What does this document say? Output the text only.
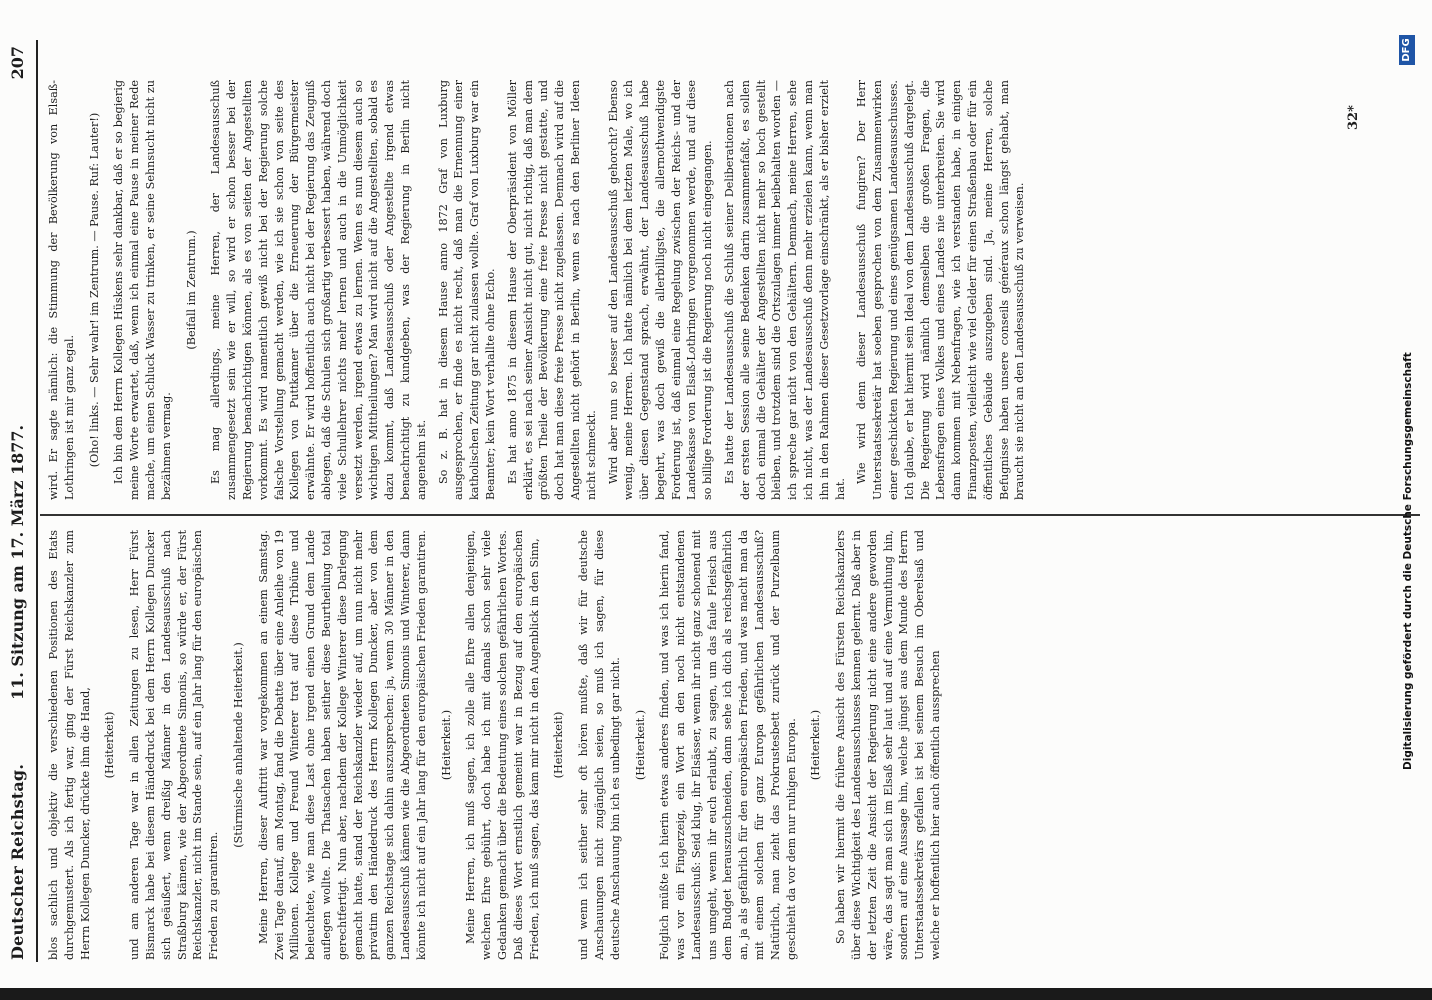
Deutscher Reichstag.
11. Sitzung am 17. März 1877.
207

blos sachlich und objektiv die verschiedenen Positionen des Etats durchgemustert. Als ich fertig war, ging der Fürst Reichskanzler zum Herrn Kollegen Duncker, drückte ihm die Hand, (Heiterkeit) und am anderen Tage war in allen Zeitungen zu lesen, Herr Fürst Bismarck habe bei diesem Händedruck bei dem Herrn Kollegen Duncker sich geäußert, wenn dreißig Männer in den Landesausschuß nach Straßburg kämen, wie der Abgeordnete Simonis, so würde er, der Fürst Reichskanzler, nicht im Stande sein, auf ein Jahr lang für den europäischen Frieden zu garantiren.

(Stürmische anhaltende Heiterkeit.) Meine Herren, dieser Auftritt war vorgekommen an einem Samstag. Zwei Tage darauf, am Montag, fand die Debatte über eine Anleihe von 19 Millionen. Kollege und Freund Winterer trat auf diese Tribüne und beleuchtete, wie man diese Last ohne irgend einen Grund dem Lande auflegen wollte. Die Thatsachen haben seither diese Beurtheilung total gerechtfertigt. Nun aber, nachdem der Kollege Winterer diese Darlegung gemacht hatte, stand der Reichskanzler wieder auf, um nun nicht mehr privatim den Händedruck des Herrn Kollegen Duncker, aber von dem ganzen Reichstage sich dahin auszusprechen: ja, wenn 30 Männer in den Landesausschuß kämen wie die Abgeordneten Simonis und Winterer, dann könnte ich nicht auf ein Jahr lang für den europäischen Frieden garantiren. (Heiterkeit.) Meine Herren, ich muß sagen, ich zolle alle Ehre allen denjenigen, welchen Ehre gebührt, doch habe ich mit damals schon sehr viele Gedanken gemacht über die Bedeutung eines solchen gefährlichen Wortes. Daß dieses Wort ernstlich gemeint war in Bezug auf den europäischen Frieden, ich muß sagen, das kam mir nicht in den Augenblick in den Sinn, (Heiterkeit) und wenn ich seither sehr oft hören mußte, daß wir für deutsche Anschauungen nicht zugänglich seien, so muß ich sagen, für diese deutsche Anschauung bin ich es unbedingt gar nicht. (Heiterkeit.) Folglich müßte ich hierin etwas anderes finden, und was ich hierin fand, was vor ein Fingerzeig, ein Wort an den noch nicht entstandenen Landesausschuß: Seid klug, ihr Elsässer, wenn ihr nicht ganz schonend mit uns umgeht, wenn ihr euch erlaubt, zu sagen, um das faule Fleisch aus dem Budget herauszuschneiden, dann sehe ich dich als reichsgefährlich an, ja als gefährlich für den europäischen Frieden, und was macht man da mit einem solchen für ganz Europa gefährlichen Landesausschuß? Natürlich, man zieht das Prokrustesbett zurück und der Purzelbaum geschieht da vor dem nur ruhigen Europa. (Heiterkeit.) So haben wir hiermit die frühere Ansicht des Fürsten Reichskanzlers über diese Wichtigkeit des Landesausschusses kennen gelernt. Daß aber in der letzten Zeit die Ansicht der Regierung nicht eine andere geworden wäre, das sagt man sich im Elsaß sehr laut und auf eine Vermuthung hin, sondern auf eine Aussage hin, welche jüngst aus dem Munde des Herrn Unterstaatssekretärs gefallen ist bei seinem Besuch im Oberelsaß und welche er hoffentlich hier auch öffentlich aussprechen

wird. Er sagte nämlich: die Stimmung der Bevölkerung von Elsaß-Lothringen ist mir ganz egal. (Oho! links. — Sehr wahr! im Zentrum. — Pause. Ruf: Lauter!) Ich bin dem Herrn Kollegen Hüskens sehr dankbar, daß er so begierig meine Worte erwartet, daß, wenn ich einmal eine Pause in meiner Rede mache, um einen Schluck Wasser zu trinken, er seine Sehnsucht nicht zu bezähmen vermag.

(Beifall im Zentrum.) Es mag allerdings, meine Herren, der Landesausschuß zusammengesetzt sein wie er will, so wird er schon besser bei der Regierung benachrichtigen können, als es von seiten der Angestellten vorkommt. Es wird namentlich gewiß nicht bei der Regierung solche falsche Vorstellung gemacht werden, wie ich sie schon von seite des Kollegen von Puttkamer über die Erneuerung der Bürgermeister erwähnte. Er wird hoffentlich auch nicht bei der Regierung das Zeugniß ablegen, daß die Schulen sich großartig verbessert haben, während doch viele Schullehrer nichts mehr lernen und auch in die Unmöglichkeit versetzt werden, irgend etwas zu lernen. Wenn es nun diesem auch so wichtigen Mittheilungen? Man wird nicht auf die Angestellten, sobald es dazu kommt, daß Landesausschuß oder Angestellte irgend etwas benachrichtigt zu kundgeben, was der Regierung in Berlin nicht angenehm ist. So z. B. hat in diesem Hause anno 1872 Graf von Luxburg ausgesprochen, er finde es nicht recht, daß man die Ernennung einer katholischen Zeitung gar nicht zulassen wollte. Graf von Luxburg war ein Beamter; kein Wort verhallte ohne Echo. Es hat anno 1875 in diesem Hause der Oberpräsident von Möller erklärt, es sei nach seiner Ansicht nicht gut, nicht richtig, daß man dem größten Theile der Bevölkerung eine freie Presse nicht gestatte, und doch hat man diese freie Presse nicht zugelassen. Demnach wird auf die Angestellten nicht gehört in Berlin, wenn es nach den Berliner Ideen nicht schmeckt. Wird aber nun so besser auf den Landesausschuß gehorcht? Ebenso wenig, meine Herren. Ich hatte nämlich bei dem letzten Male, wo ich über diesen Gegenstand sprach, erwähnt, der Landesausschuß habe begehrt, was doch gewiß die allerbilligste, die allernothwendigste Forderung ist, daß einmal eine Regelung zwischen der Reichs- und der Landeskasse von Elsaß-Lothringen vorgenommen werde, und auf diese so billige Forderung ist die Regierung noch nicht eingegangen. Es hatte der Landesausschuß die Schluß seiner Deliberationen nach der ersten Session alle seine Bedenken darin zusammenfaßt, es sollen doch einmal die Gehälter der Angestellten nicht mehr so hoch gestellt bleiben, und trotzdem sind die Ortszulagen immer beibehalten worden — ich spreche gar nicht von den Gehältern. Demnach, meine Herren, sehe ich nicht, was der Landesausschuß denn mehr erzielen kann, wenn man ihn in den Rahmen dieser Gesetzvorlage einschränkt, als er bisher erzielt hat.

Wie wird denn dieser Landesausschuß fungiren? Der Herr Unterstaatssekretär hat soeben gesprochen von dem Zusammenwirken einer geschickten Regierung und eines genügsamen Landesausschusses. Ich glaube, er hat hiermit sein Ideal von dem Landesausschuß dargelegt. Die Regierung wird nämlich demselben die großen Fragen, die Lebensfragen eines Volkes und eines Landes nie unterbreiten. Sie wird dann kommen mit Nebenfragen, wie ich verstanden habe, in einigen Finanzposten, vielleicht wie viel Gelder für einen Straßenbau oder für ein öffentliches Gebäude auszugeben sind. Ja, meine Herren, solche Befugnisse haben unsere conseils généraux schon längst gehabt, man braucht sie nicht an den Landesausschuß zu verweisen.

32*
Digitalisierung gefördert durch die Deutsche Forschungsgemeinschaft
DFG
